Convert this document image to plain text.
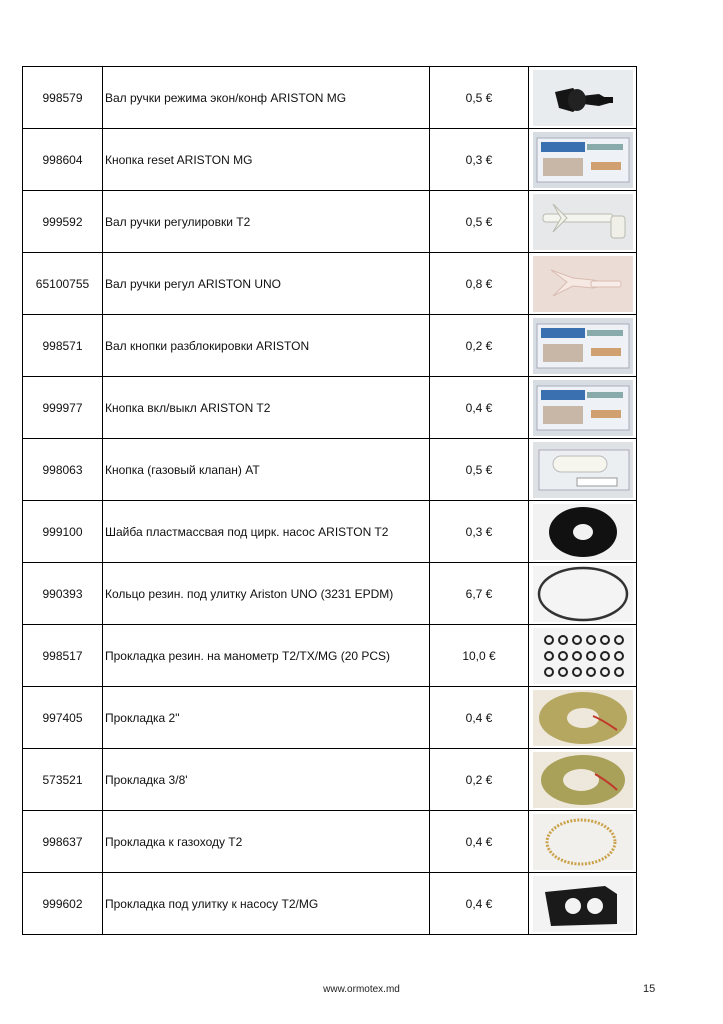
998579	Вал ручки режима экон/конф ARISTON MG	0,5 €	

998604	Кнопка reset ARISTON MG	0,3 €	

999592	Вал ручки регулировки Т2	0,5 €	

65100755	Вал ручки регул ARISTON UNO	0,8 €	

998571	Вал кнопки разблокировки ARISTON	0,2 €	

999977	Кнопка вкл/выкл ARISTON T2	0,4 €	

998063	Кнопка (газовый клапан) AT	0,5 €	

999100	Шайба пластмассвая под цирк. насос ARISTON T2	0,3 €	

990393	Кольцо резин. под улитку Ariston UNO (3231 EPDM)	6,7 €	

998517	Прокладка резин. на манометр T2/TX/MG (20 PCS)	10,0 €	

997405	Прокладка 2"	0,4 €	

573521	Прокладка 3/8'	0,2 €	

998637	Прокладка к газоходу Т2	0,4 €	

999602	Прокладка под улитку к насосу T2/MG	0,4 €	
www.ormotex.md	15
